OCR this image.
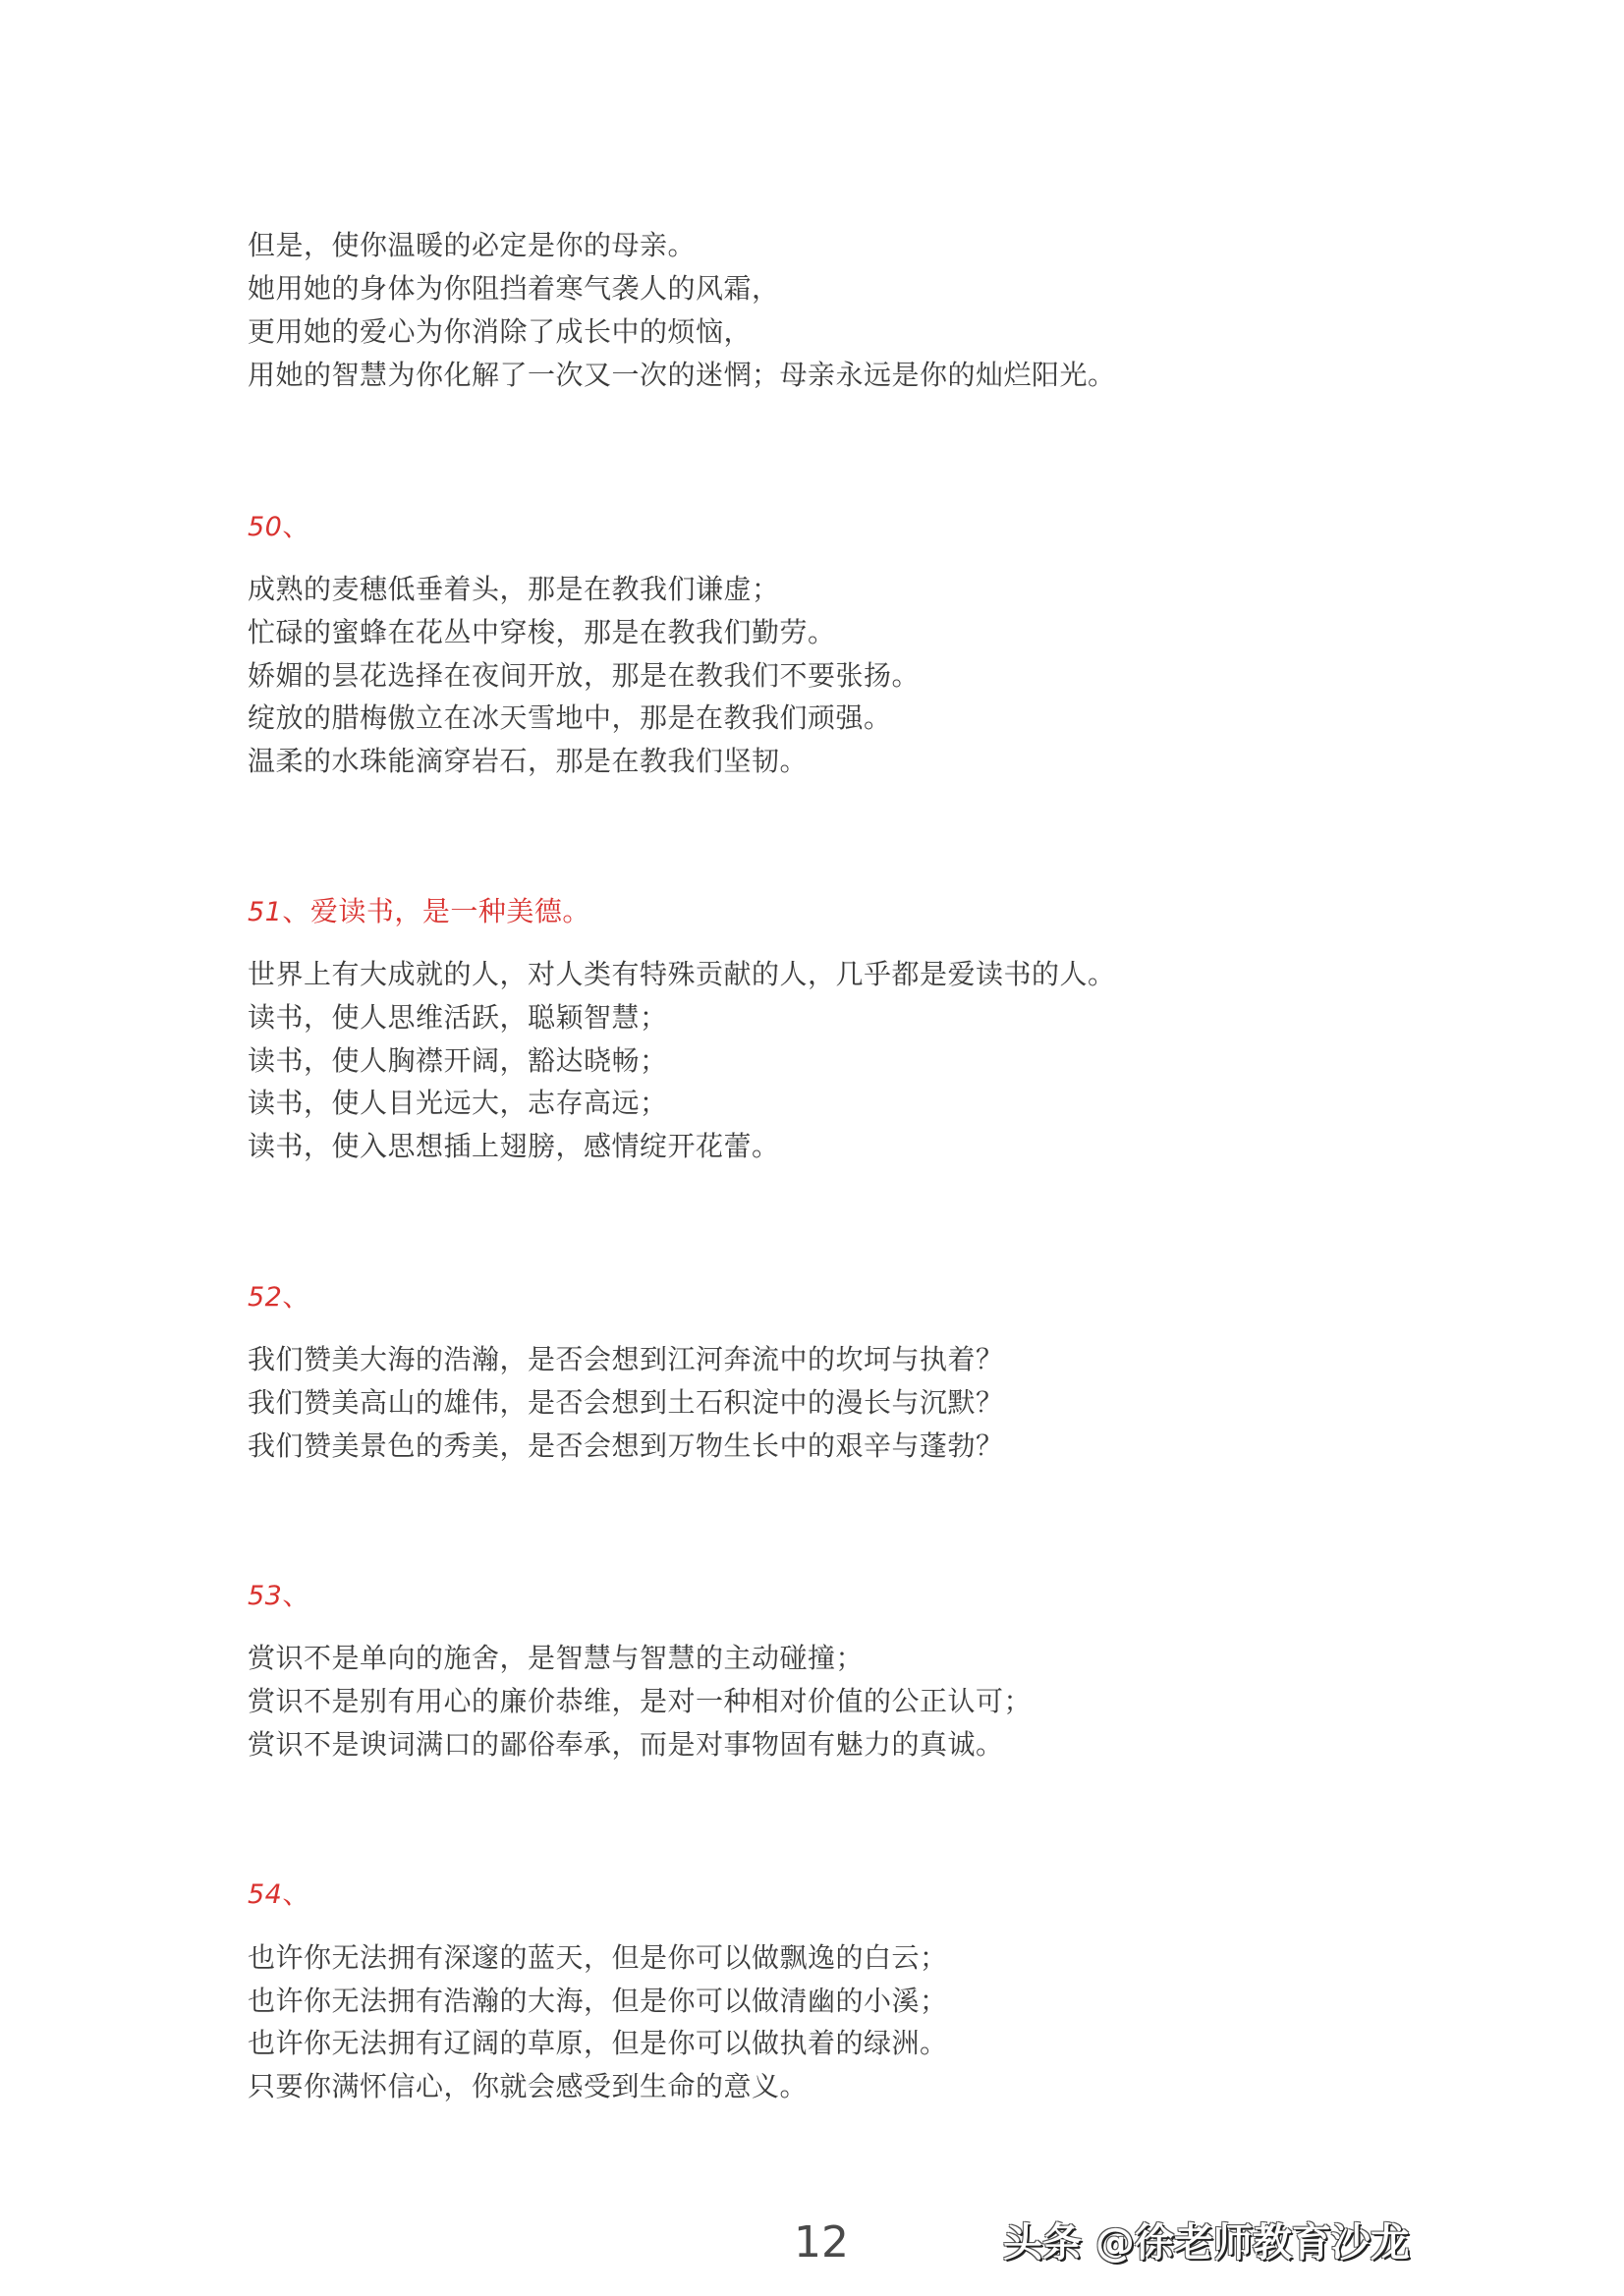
但是，使你温暖的必定是你的母亲。
她用她的身体为你阻挡着寒气袭人的风霜，
更用她的爱心为你消除了成长中的烦恼，
用她的智慧为你化解了一次又一次的迷惘；母亲永远是你的灿烂阳光。
50、
成熟的麦穗低垂着头，那是在教我们谦虚；
忙碌的蜜蜂在花丛中穿梭，那是在教我们勤劳。
娇媚的昙花选择在夜间开放，那是在教我们不要张扬。
绽放的腊梅傲立在冰天雪地中，那是在教我们顽强。
温柔的水珠能滴穿岩石，那是在教我们坚韧。
51、爱读书，是一种美德。
世界上有大成就的人，对人类有特殊贡献的人，几乎都是爱读书的人。
读书，使人思维活跃，聪颖智慧；
读书，使人胸襟开阔，豁达晓畅；
读书，使人目光远大，志存高远；
读书，使入思想插上翅膀，感情绽开花蕾。
52、
我们赞美大海的浩瀚，是否会想到江河奔流中的坎坷与执着？
我们赞美高山的雄伟，是否会想到土石积淀中的漫长与沉默？
我们赞美景色的秀美，是否会想到万物生长中的艰辛与蓬勃？
53、
赏识不是单向的施舍，是智慧与智慧的主动碰撞；
赏识不是别有用心的廉价恭维，是对一种相对价值的公正认可；
赏识不是谀词满口的鄙俗奉承，而是对事物固有魅力的真诚。
54、
也许你无法拥有深邃的蓝天，但是你可以做飘逸的白云；
也许你无法拥有浩瀚的大海，但是你可以做清幽的小溪；
也许你无法拥有辽阔的草原，但是你可以做执着的绿洲。
只要你满怀信心，你就会感受到生命的意义。
12	头条 @徐老师教育沙龙
